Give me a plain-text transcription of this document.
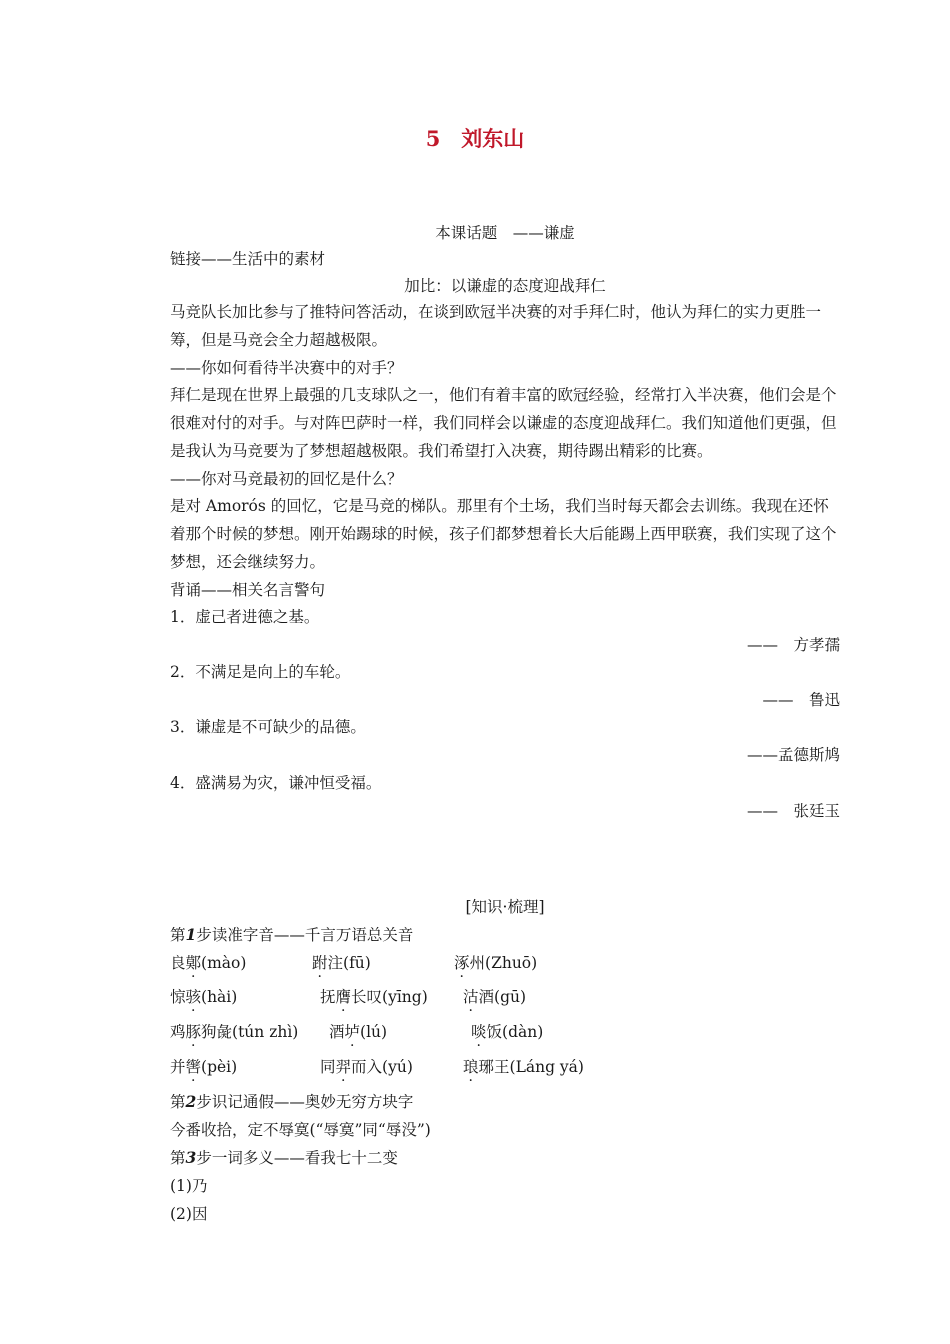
5　刘东山
本课话题　——谦虚
链接——生活中的素材
加比：以谦虚的态度迎战拜仁
马竞队长加比参与了推特问答活动，在谈到欧冠半决赛的对手拜仁时，他认为拜仁的实力更胜一筹，但是马竞会全力超越极限。
——你如何看待半决赛中的对手？
拜仁是现在世界上最强的几支球队之一，他们有着丰富的欧冠经验，经常打入半决赛，他们会是个很难对付的对手。与对阵巴萨时一样，我们同样会以谦虚的态度迎战拜仁。我们知道他们更强，但是我认为马竞要为了梦想超越极限。我们希望打入决赛，期待踢出精彩的比赛。
——你对马竞最初的回忆是什么？
是对 Amorós 的回忆，它是马竞的梯队。那里有个土场，我们当时每天都会去训练。我现在还怀着那个时候的梦想。刚开始踢球的时候，孩子们都梦想着长大后能踢上西甲联赛，我们实现了这个梦想，还会继续努力。
背诵——相关名言警句
1．虚己者进德之基。
——　方孝孺
2．不满足是向上的车轮。
——　鲁迅
3．谦虚是不可缺少的品德。
——孟德斯鸠
4．盛满易为灾，谦冲恒受福。
——　张廷玉
[知识·梳理]
第1步读准字音——千言万语总关音
良鄚(mào)	跗注(fū)	涿州(Zhuō)
惊骇(hài)	抚膺长叹(yīng) 沽酒(gū)
鸡豚狗彘(tún zhì) 酒垆(lú)	啖饭(dàn)
并辔(pèi)	同羿而入(yú)	琅琊王(Láng yá)
第2步识记通假——奥妙无穷方块字
今番收拾，定不辱寞(“辱寞”同“辱没”)
第3步一词多义——看我七十二变
(1)乃
(2)因
